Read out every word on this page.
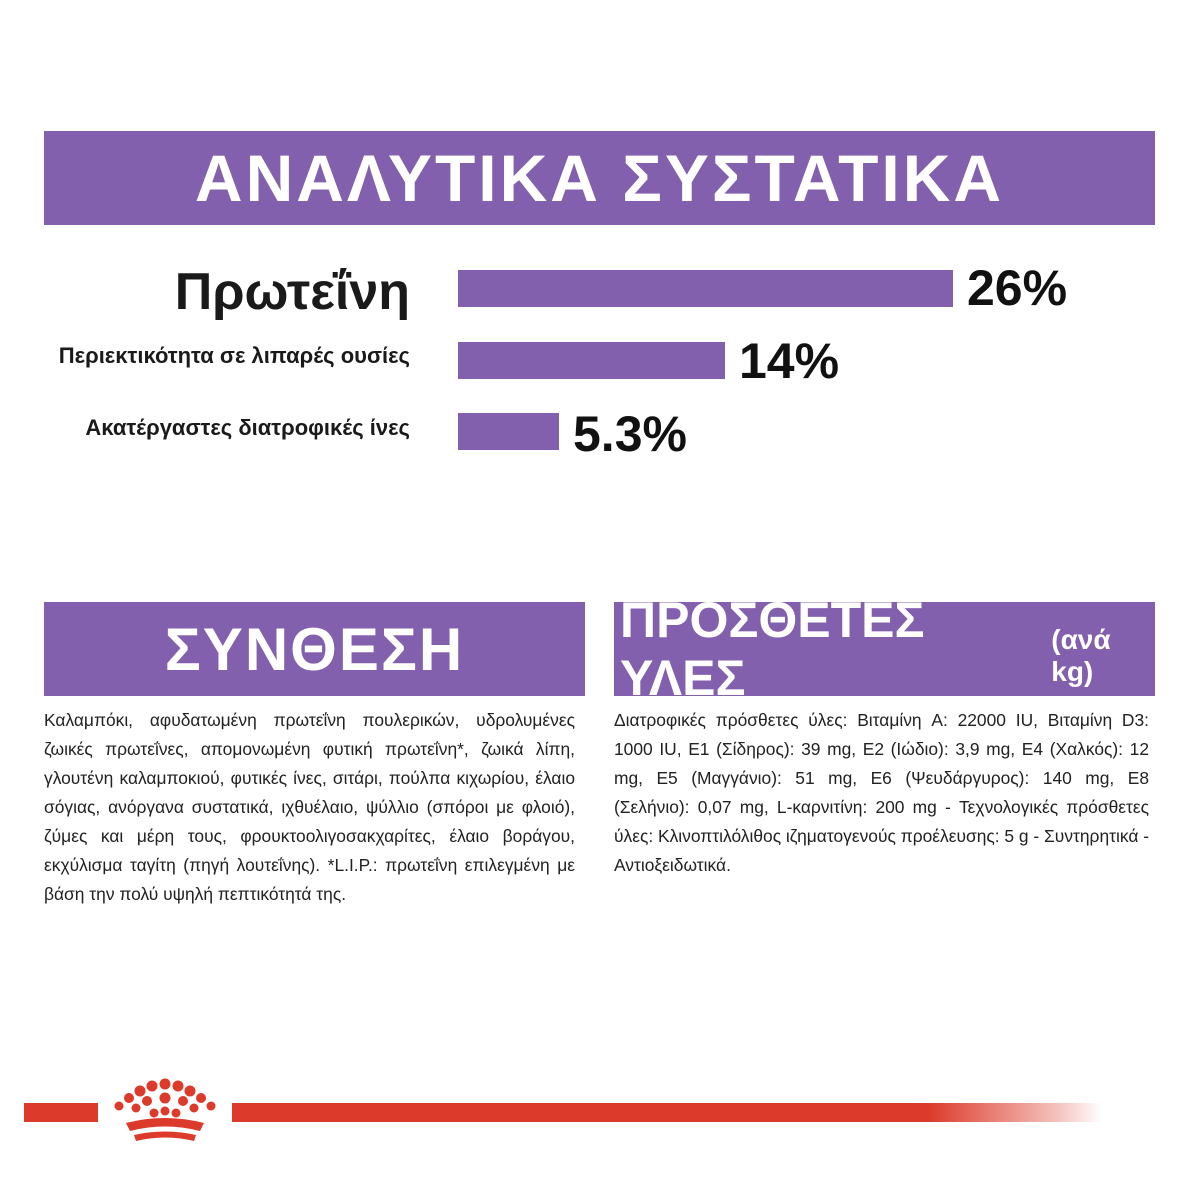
ΑΝΑΛΥΤΙΚΑ ΣΥΣΤΑΤΙΚΑ
Πρωτεΐνη	26%
Περιεκτικότητα σε λιπαρές ουσίες	14%
Ακατέργαστες διατροφικές ίνες	5.3%
ΣΥΝΘΕΣΗ

Καλαμπόκι, αφυδατωμένη πρωτεΐνη πουλερικών, υδρολυμένες ζωικές πρωτεΐνες, απομονωμένη φυτική πρωτεΐνη*, ζωικά λίπη, γλουτένη καλαμποκιού, φυτικές ίνες, σιτάρι, πούλπα κιχωρίου, έλαιο σόγιας, ανόργανα συστατικά, ιχθυέλαιο, ψύλλιο (σπόροι με φλοιό), ζύμες και μέρη τους, φρουκτοολιγοσακχαρίτες, έλαιο βοράγου, εκχύλισμα ταγίτη (πηγή λουτεΐνης). *L.I.P.: πρωτεΐνη επιλεγμένη με βάση την πολύ υψηλή πεπτικότητά της.

ΠΡΟΣΘΕΤΕΣ ΥΛΕΣ
(ανά kg)

Διατροφικές πρόσθετες ύλες: Βιταμίνη A: 22000 IU, Βιταμίνη D3: 1000 IU, E1 (Σίδηρος): 39 mg, E2 (Ιώδιο): 3,9 mg, E4 (Χαλκός): 12 mg, E5 (Μαγγάνιο): 51 mg, E6 (Ψευδάργυρος): 140 mg, E8 (Σελήνιο): 0,07 mg, L-καρνιτίνη: 200 mg - Τεχνολογικές πρόσθετες ύλες: Κλινοπτιλόλιθος ιζηματογενούς προέλευσης: 5 g - Συντηρητικά - Αντιοξειδωτικά.
